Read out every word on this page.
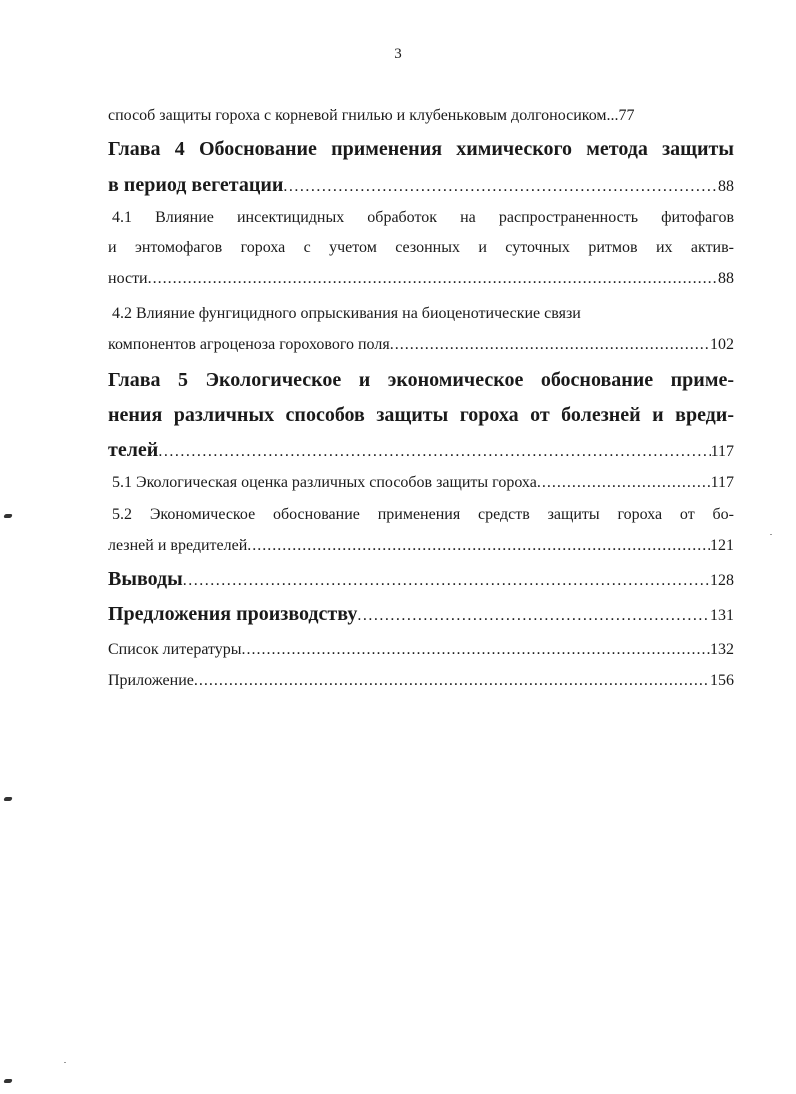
3
способ защиты гороха с корневой гнилью и клубеньковым долгоносиком ... 77
Глава 4 Обоснование применения химического метода защиты
в период вегетации .....	88
4.1 Влияние инсектицидных обработок на распространенность фитофагов
и энтомофагов гороха с учетом сезонных и суточных ритмов их актив-
ности .....	88
4.2 Влияние фунгицидного опрыскивания на биоценотические связи
компонентов агроценоза горохового поля .....	102
Глава 5 Экологическое и экономическое обоснование приме-
нения различных способов защиты гороха от болезней и вреди-
телей .....	117
5.1 Экологическая оценка различных способов защиты гороха .....	117
5.2 Экономическое обоснование применения средств защиты гороха от бо-
лезней и вредителей .....	121
Выводы .....	128
Предложения производству .....	131
Список литературы .....	132
Приложение .....	156
